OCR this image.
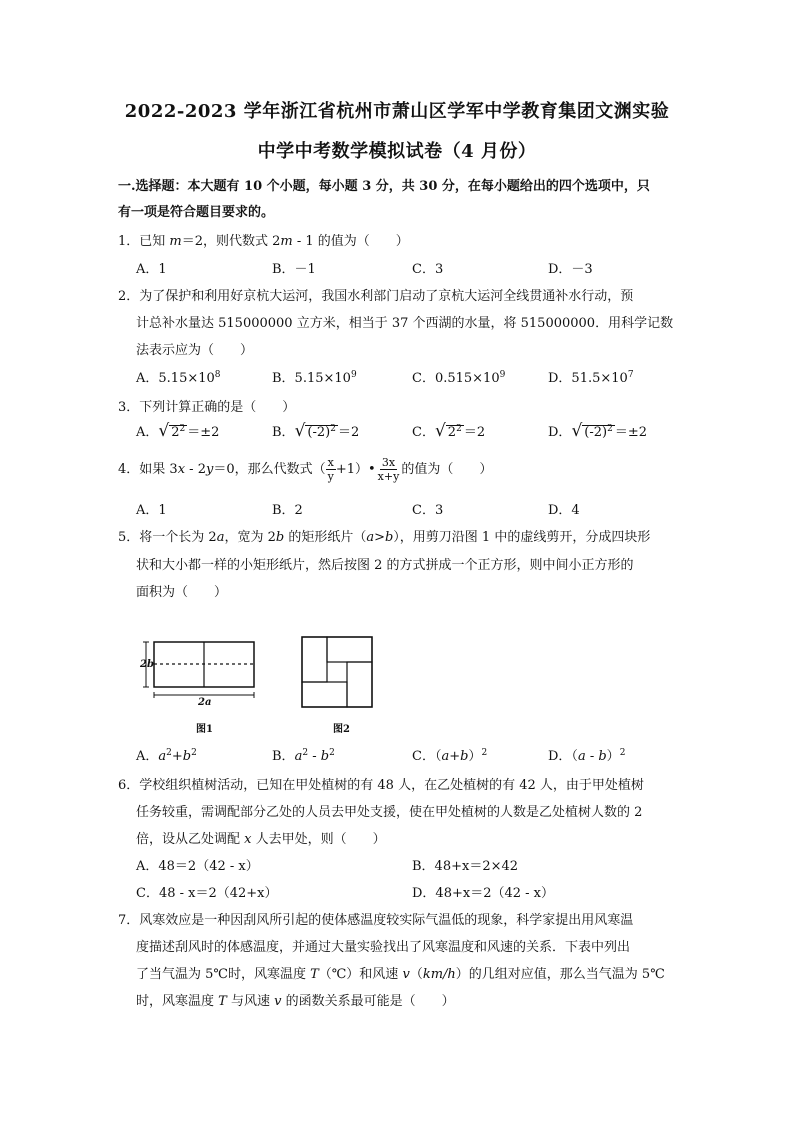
2022-2023 学年浙江省杭州市萧山区学军中学教育集团文渊实验
中学中考数学模拟试卷（4 月份）
一.选择题：本大题有 10 个小题，每小题 3 分，共 30 分，在每小题给出的四个选项中，只
有一项是符合题目要求的。
1．已知 m＝2，则代数式 2m - 1 的值为（　　）
A．1	B．－1	C．3	D．－3
2．为了保护和利用好京杭大运河，我国水利部门启动了京杭大运河全线贯通补水行动，预
计总补水量达 515000000 立方米，相当于 37 个西湖的水量，将 515000000．用科学记数
法表示应为（　　）
A．$5.15\times 10^8$	B．$5.15\times 10^9$	C．$0.515\times 10^9$	D．$51.5\times 10^7$
3．下列计算正确的是（　　）
A．√ $2^2 =\pm 2$	B．√ $(-2)^2 =2$	C．√ $2^2 =2$	D．√ $(-2)^2 =\pm 2$
4．如果 3x - 2y＝0，那么代数式（ $\frac{x}{y}$ +1）• $\frac{3x}{x+y}$ 的值为（　　）
A．1	B．2	C．3	D．4
5．将一个长为 2a，宽为 2b 的矩形纸片（a>b），用剪刀沿图 1 中的虚线剪开，分成四块形
状和大小都一样的小矩形纸片，然后按图 2 的方式拼成一个正方形，则中间小正方形的
面积为（　　）
2b
2a
图1	图2
A．$a^2+b^2$	B．$a^2 - b^2$	C．$(a+b)^2$	D．（a - b）$^2$
6．学校组织植树活动，已知在甲处植树的有 48 人，在乙处植树的有 42 人，由于甲处植树
任务较重，需调配部分乙处的人员去甲处支援，使在甲处植树的人数是乙处植树人数的 2
倍，设从乙处调配 x 人去甲处，则（　　）
A．48＝2（42 - x）	B．48+x＝2×42
C．48 - x＝2（42+x）	D．48+x＝2（42 - x）
7．风寒效应是一种因刮风所引起的使体感温度较实际气温低的现象，科学家提出用风寒温
度描述刮风时的体感温度，并通过大量实验找出了风寒温度和风速的关系．下表中列出
了当气温为 5℃时，风寒温度 T（℃）和风速 v（km/h）的几组对应值，那么当气温为 5℃
时，风寒温度 T 与风速 v 的函数关系最可能是（　　）
